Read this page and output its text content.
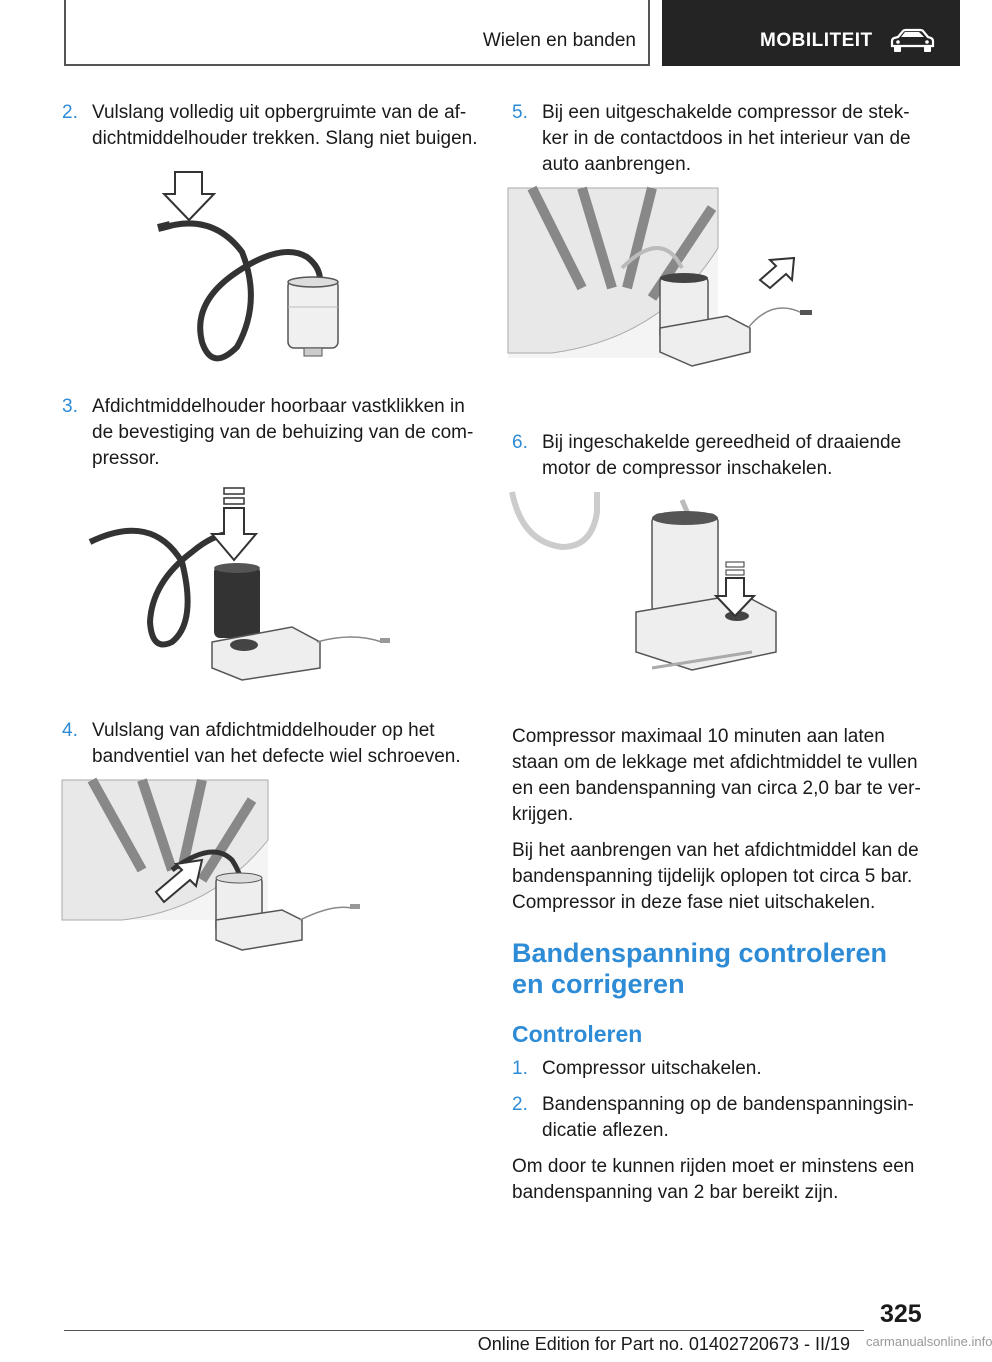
Wielen en banden	MOBILITEIT
2. Vulslang volledig uit opbergruimte van de afdichtmiddelhouder trekken. Slang niet buigen.
3. Afdichtmiddelhouder hoorbaar vastklikken in de bevestiging van de behuizing van de compressor.
4. Vulslang van afdichtmiddelhouder op het bandventiel van het defecte wiel schroeven.
5. Bij een uitgeschakelde compressor de stekker in de contactdoos in het interieur van de auto aanbrengen.
6. Bij ingeschakelde gereedheid of draaiende motor de compressor inschakelen.

Compressor maximaal 10 minuten aan laten staan om de lekkage met afdichtmiddel te vullen en een bandenspanning van circa 2,0 bar te verkrijgen.

Bij het aanbrengen van het afdichtmiddel kan de bandenspanning tijdelijk oplopen tot circa 5 bar. Compressor in deze fase niet uitschakelen.

Bandenspanning controleren en corrigeren
Controleren
1. Compressor uitschakelen.
2. Bandenspanning op de bandenspanningsindicatie aflezen.

Om door te kunnen rijden moet er minstens een bandenspanning van 2 bar bereikt zijn.

325
Online Edition for Part no. 01402720673 - II/19	carmanualsonline.info
